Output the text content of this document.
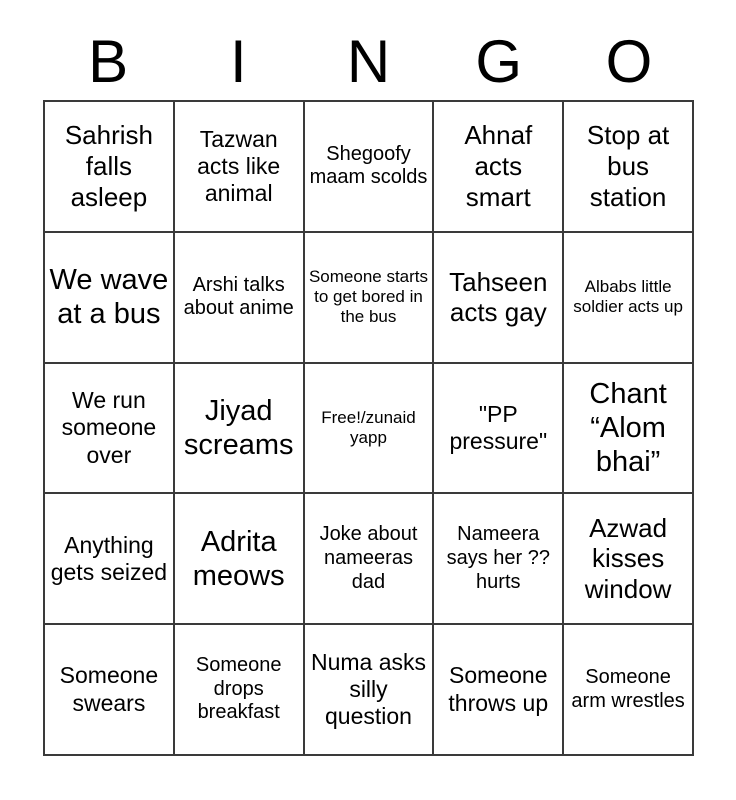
B	I	N	G	O
Sahrish falls asleep
Tazwan acts like animal
Shegoofy maam scolds
Ahnaf acts smart
Stop at bus station
We wave at a bus
Arshi talks about anime
Someone starts to get bored in the bus
Tahseen acts gay
Albabs little soldier acts up
We run someone over
Jiyad screams
Free!/zunaid yapp
"PP pressure"
Chant “Alom bhai”
Anything gets seized
Adrita meows
Joke about nameeras dad
Nameera says her ?? hurts
Azwad kisses window
Someone swears
Someone drops breakfast
Numa asks silly question
Someone throws up
Someone arm wrestles
